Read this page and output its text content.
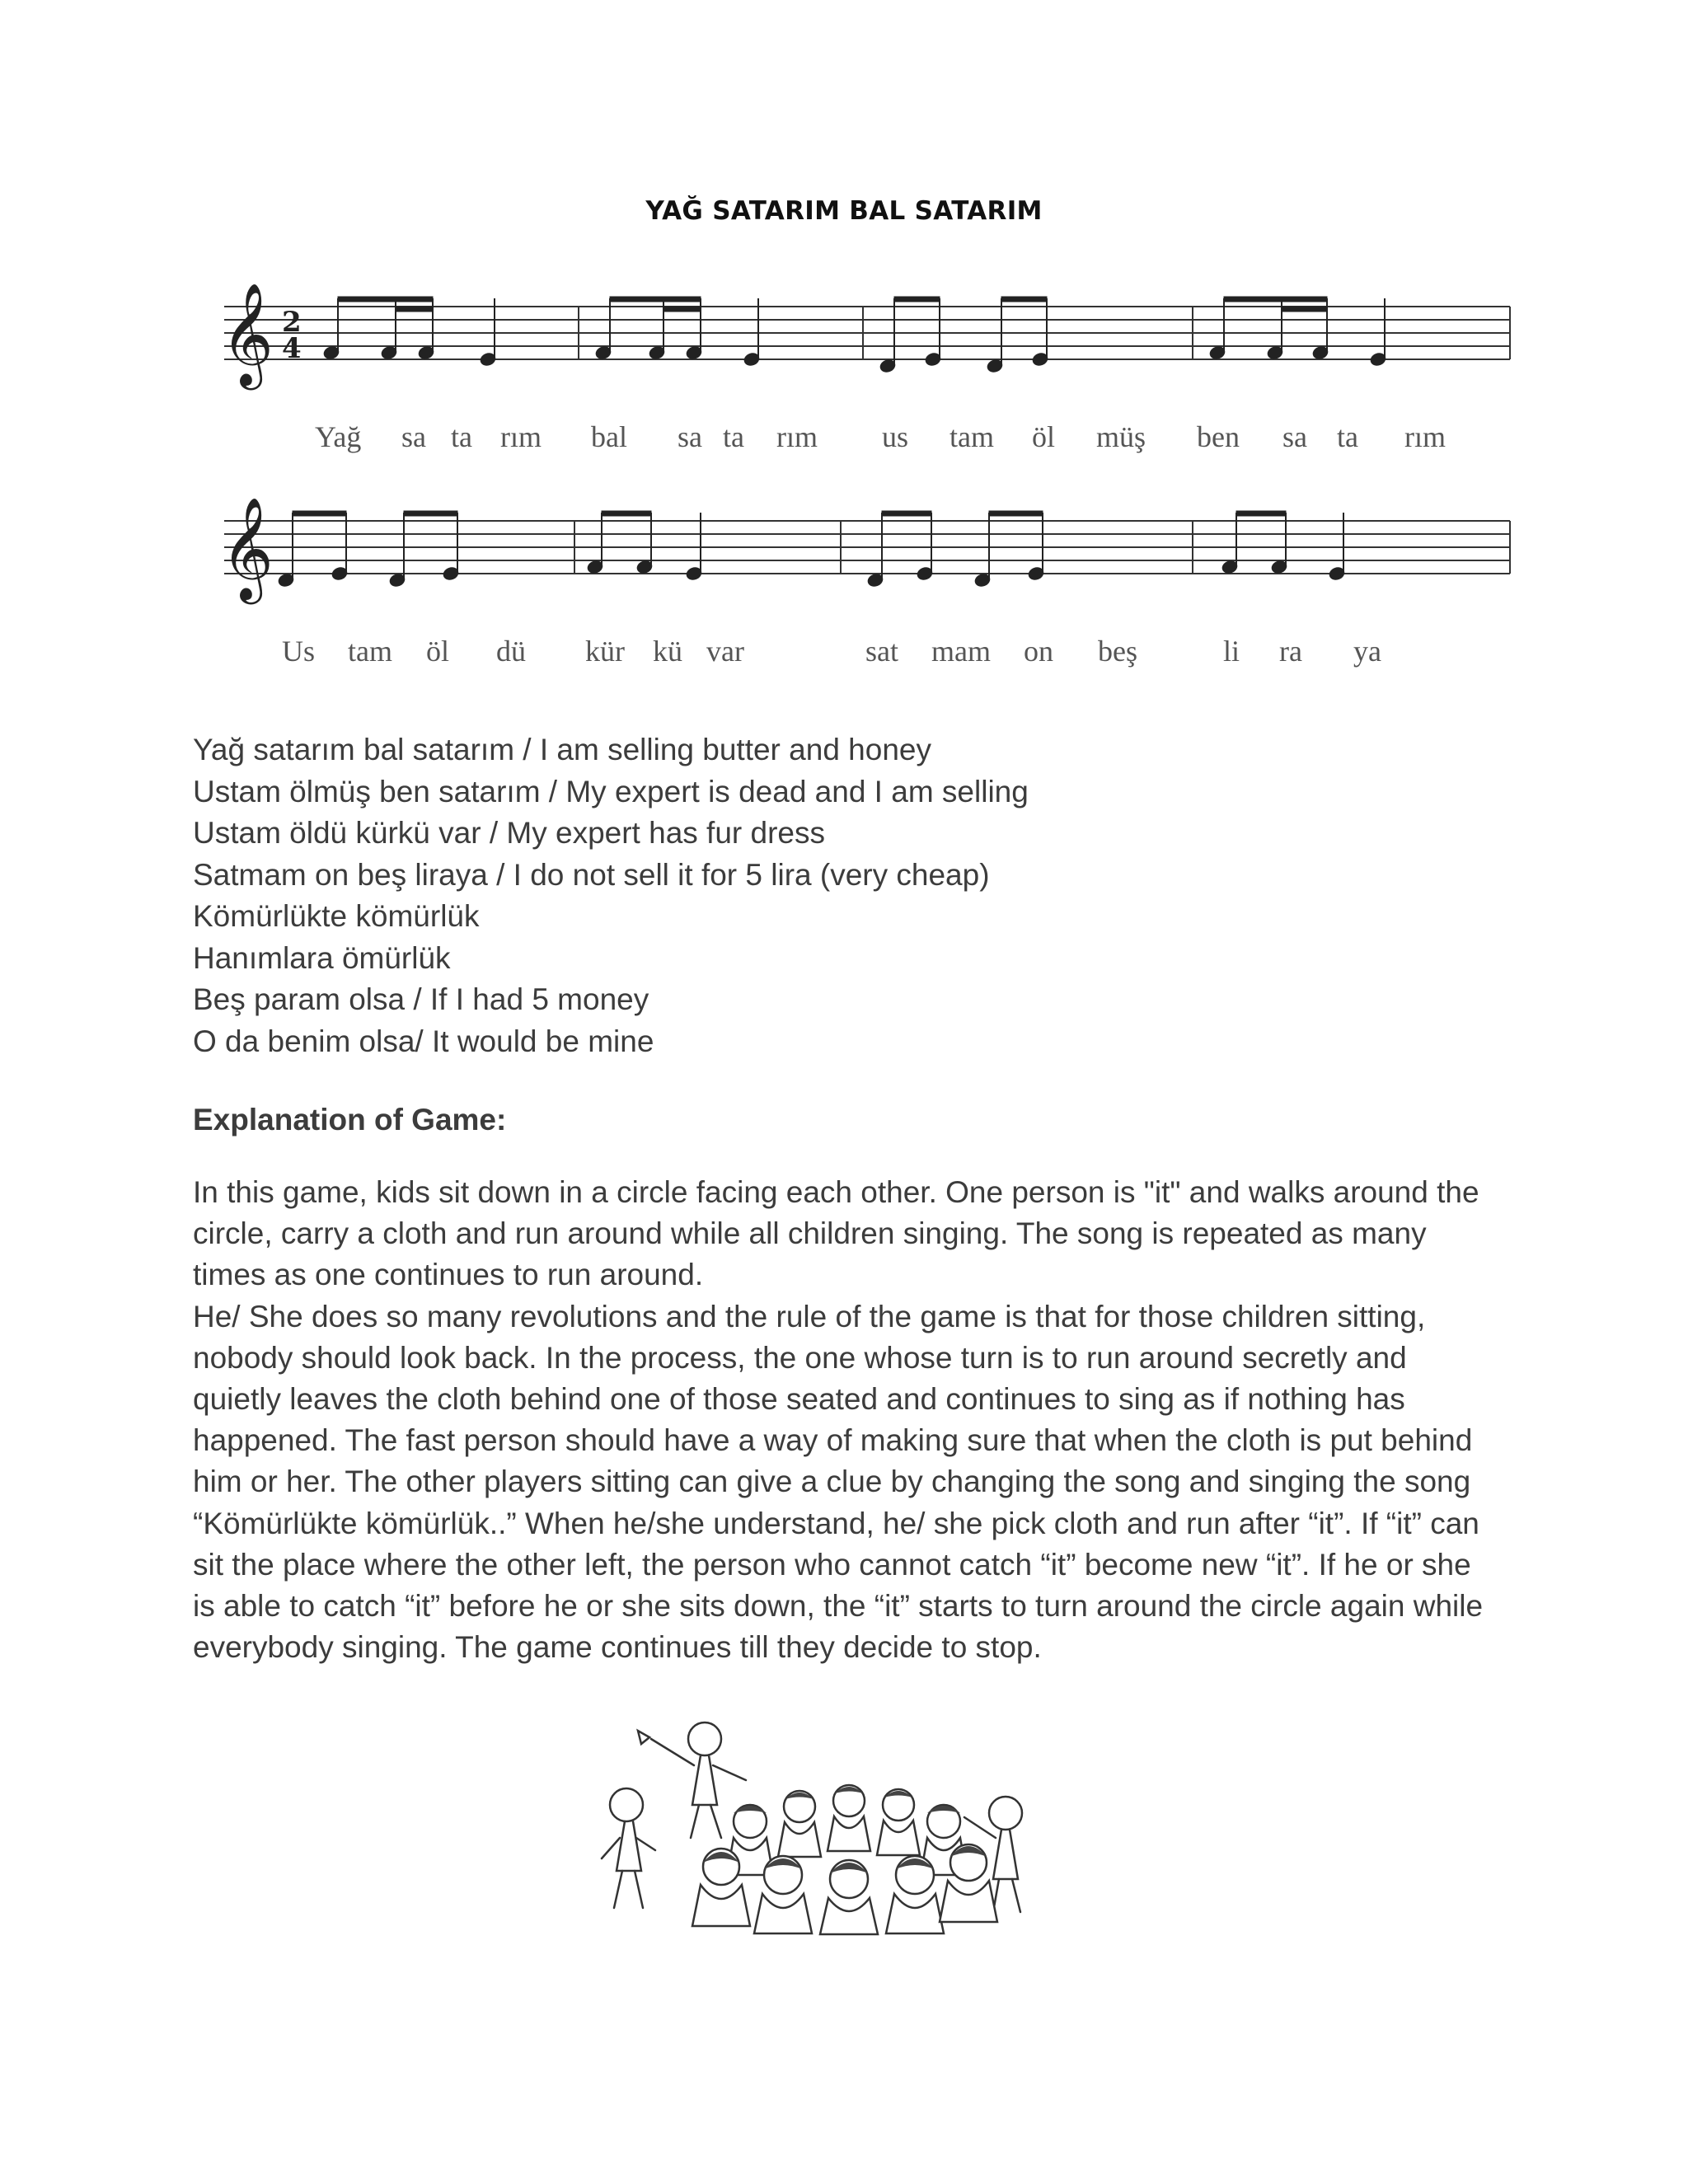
YAĞ SATARIM BAL SATARIM
𝄞 2
4
Yağ sa ta rım bal sa ta rım us tam öl müş ben sa ta rım
𝄞
Us tam öl dü kür kü var	sat mam on beş	li ra ya
Yağ satarım bal satarım / I am selling butter and honey
Ustam ölmüş ben satarım / My expert is dead and I am selling
Ustam öldü kürkü var / My expert has fur dress
Satmam on beş liraya / I do not sell it for 5 lira (very cheap)
Kömürlükte kömürlük
Hanımlara ömürlük
Beş param olsa / If I had 5 money
O da benim olsa/ It would be mine
Explanation of Game:

In this game, kids sit down in a circle facing each other. One person is "it" and walks around the circle, carry a cloth and run around while all children singing. The song is repeated as many times as one continues to run around.

He/ She does so many revolutions and the rule of the game is that for those children sitting, nobody should look back. In the process, the one whose turn is to run around secretly and quietly leaves the cloth behind one of those seated and continues to sing as if nothing has happened. The fast person should have a way of making sure that when the cloth is put behind him or her. The other players sitting can give a clue by changing the song and singing the song “Kömürlükte kömürlük..” When he/she understand, he/ she pick cloth and run after “it”. If “it” can sit the place where the other left, the person who cannot catch “it” become new “it”. If he or she is able to catch “it” before he or she sits down, the “it” starts to turn around the circle again while everybody singing. The game continues till they decide to stop.
